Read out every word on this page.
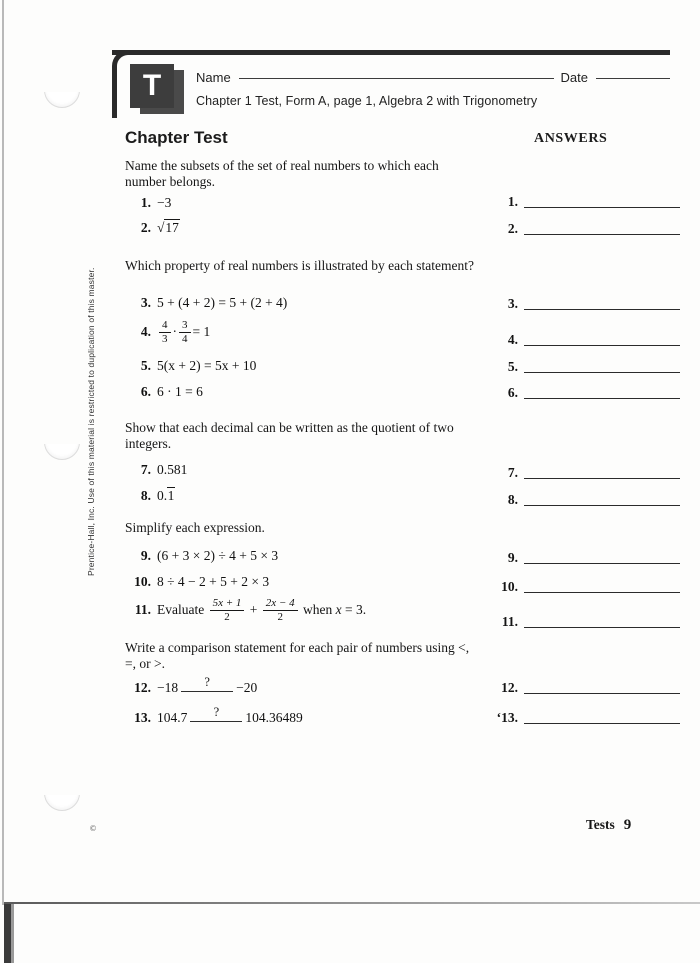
T	Name	Date
Chapter 1 Test, Form A, page 1, Algebra 2 with Trigonometry
Chapter Test	ANSWERS
Name the subsets of the set of real numbers to which each number belongs.
Which property of real numbers is illustrated by each statement?
Show that each decimal can be written as the quotient of two integers.
Simplify each expression.
Write a comparison statement for each pair of numbers using <, =, or >.
1. −3
2. √17
3. 5 + (4 + 2) = 5 + (2 + 4)
4. $\frac{4}{3} \cdot \frac{3}{4} = 1$
5. 5(x + 2) = 5x + 10
6. 6 · 1 = 6
7. 0.581
8. 0.1
9. (6 + 3 × 2) ÷ 4 + 5 × 3
10. 8 ÷ 4 − 2 + 5 + 2 × 3
11. Evaluate $\frac{5x + 1}{2} + \frac{2x - 4}{2}$ when x = 3.
12. −18	?	−20
13. 104.7	?	104.36489
1.
2.
3.
4.
5.
6.
7.
8.
9.
10.
11.
12.
‘13.
Prentice-Hall, Inc. Use of this material is restricted to duplication of this master.
©	Tests 9
